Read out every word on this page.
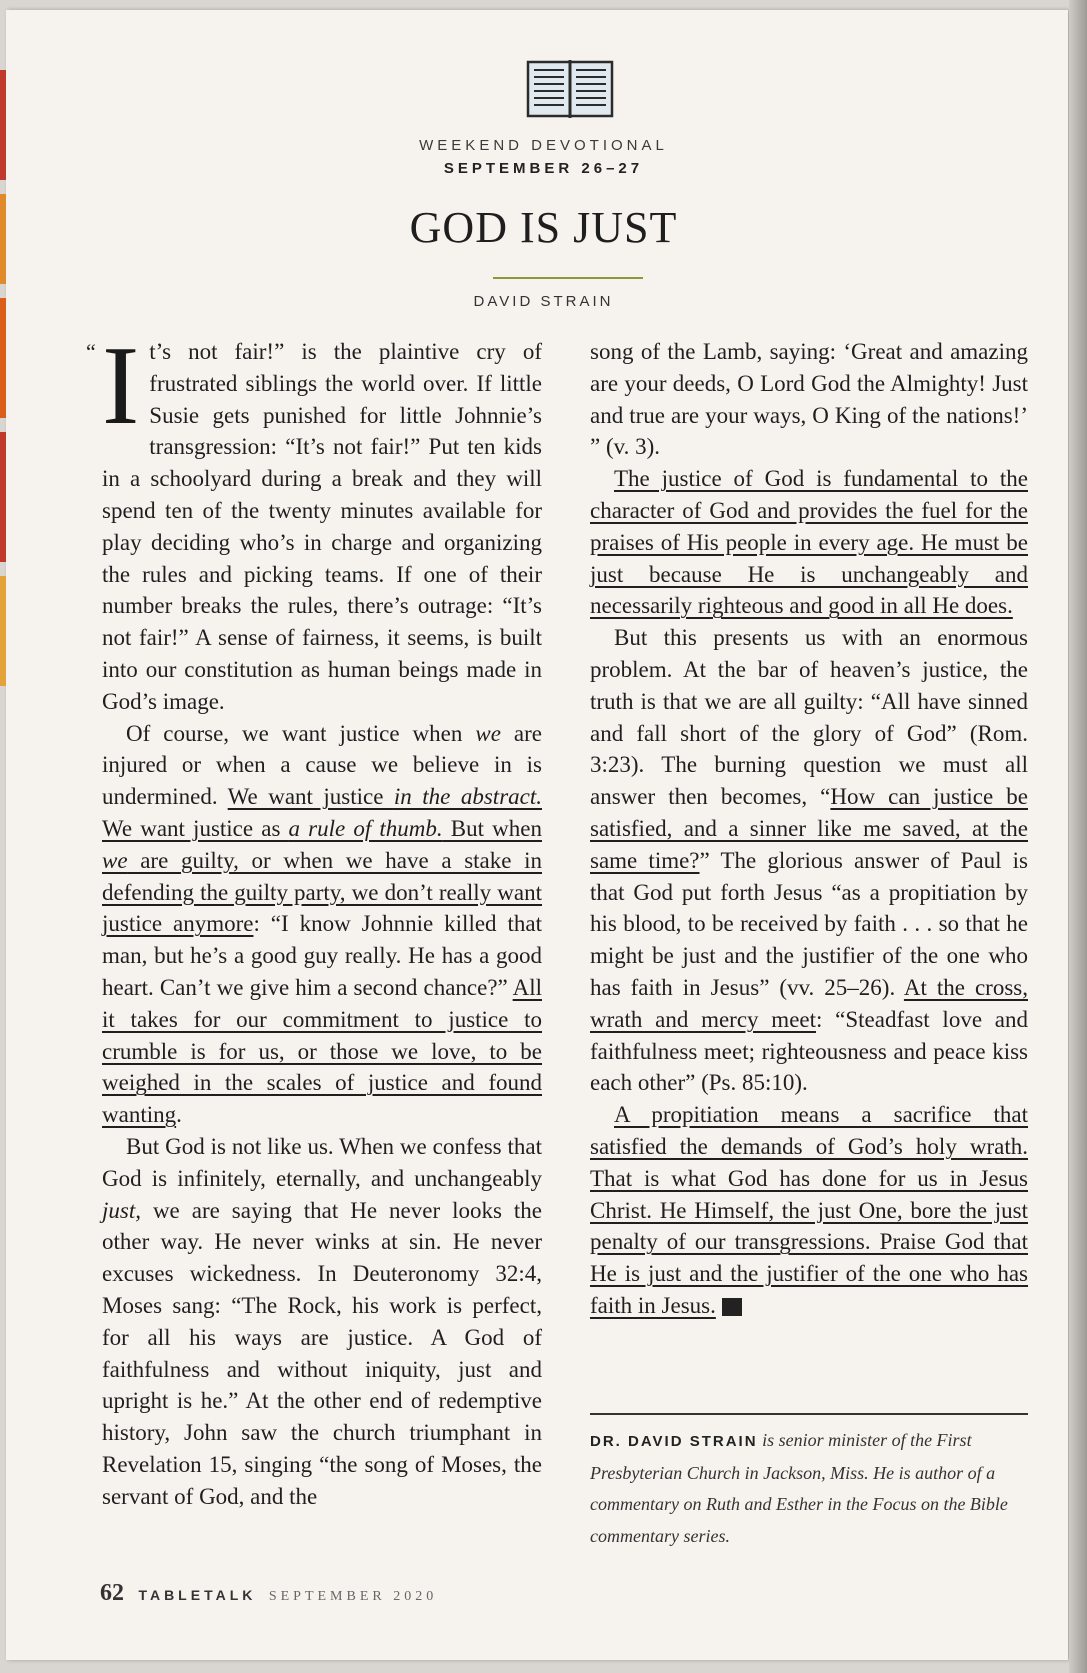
WEEKEND DEVOTIONAL
SEPTEMBER 26–27
GOD IS JUST
DAVID STRAIN
“ It’s not fair!” is the plaintive cry of frustrated siblings the world over. If little Susie gets punished for little Johnnie’s transgression: “It’s not fair!” Put ten kids in a schoolyard during a break and they will spend ten of the twenty minutes available for play deciding who’s in charge and organizing the rules and picking teams. If one of their number breaks the rules, there’s outrage: “It’s not fair!” A sense of fairness, it seems, is built into our constitution as human beings made in God’s image.

Of course, we want justice when we are injured or when a cause we believe in is undermined. We want justice in the abstract. We want justice as a rule of thumb. But when we are guilty, or when we have a stake in defending the guilty party, we don’t really want justice anymore: “I know Johnnie killed that man, but he’s a good guy really. He has a good heart. Can’t we give him a second chance?” All it takes for our commitment to justice to crumble is for us, or those we love, to be weighed in the scales of justice and found wanting.

But God is not like us. When we confess that God is infinitely, eternally, and unchangeably just, we are saying that He never looks the other way. He never winks at sin. He never excuses wickedness. In Deuteronomy 32:4, Moses sang: “The Rock, his work is perfect, for all his ways are justice. A God of faithfulness and without iniquity, just and upright is he.” At the other end of redemptive history, John saw the church triumphant in Revelation 15, singing “the song of Moses, the servant of God, and the

song of the Lamb, saying: ‘Great and amazing are your deeds, O Lord God the Almighty! Just and true are your ways, O King of the nations!’ ” (v. 3).

The justice of God is fundamental to the character of God and provides the fuel for the praises of His people in every age. He must be just because He is unchangeably and necessarily righteous and good in all He does.

But this presents us with an enormous problem. At the bar of heaven’s justice, the truth is that we are all guilty: “All have sinned and fall short of the glory of God” (Rom. 3:23). The burning question we must all answer then becomes, “How can justice be satisfied, and a sinner like me saved, at the same time?” The glorious answer of Paul is that God put forth Jesus “as a propitiation by his blood, to be received by faith . . . so that he might be just and the justifier of the one who has faith in Jesus” (vv. 25–26). At the cross, wrath and mercy meet: “Steadfast love and faithfulness meet; righteousness and peace kiss each other” (Ps. 85:10).

A propitiation means a sacrifice that satisfied the demands of God’s holy wrath. That is what God has done for us in Jesus Christ. He Himself, the just One, bore the just penalty of our transgressions. Praise God that He is just and the justifier of the one who has faith in Jesus. T

DR. DAVID STRAIN is senior minister of the First Presbyterian Church in Jackson, Miss. He is author of a commentary on Ruth and Esther in the Focus on the Bible commentary series.
62 TABLETALK SEPTEMBER 2020
